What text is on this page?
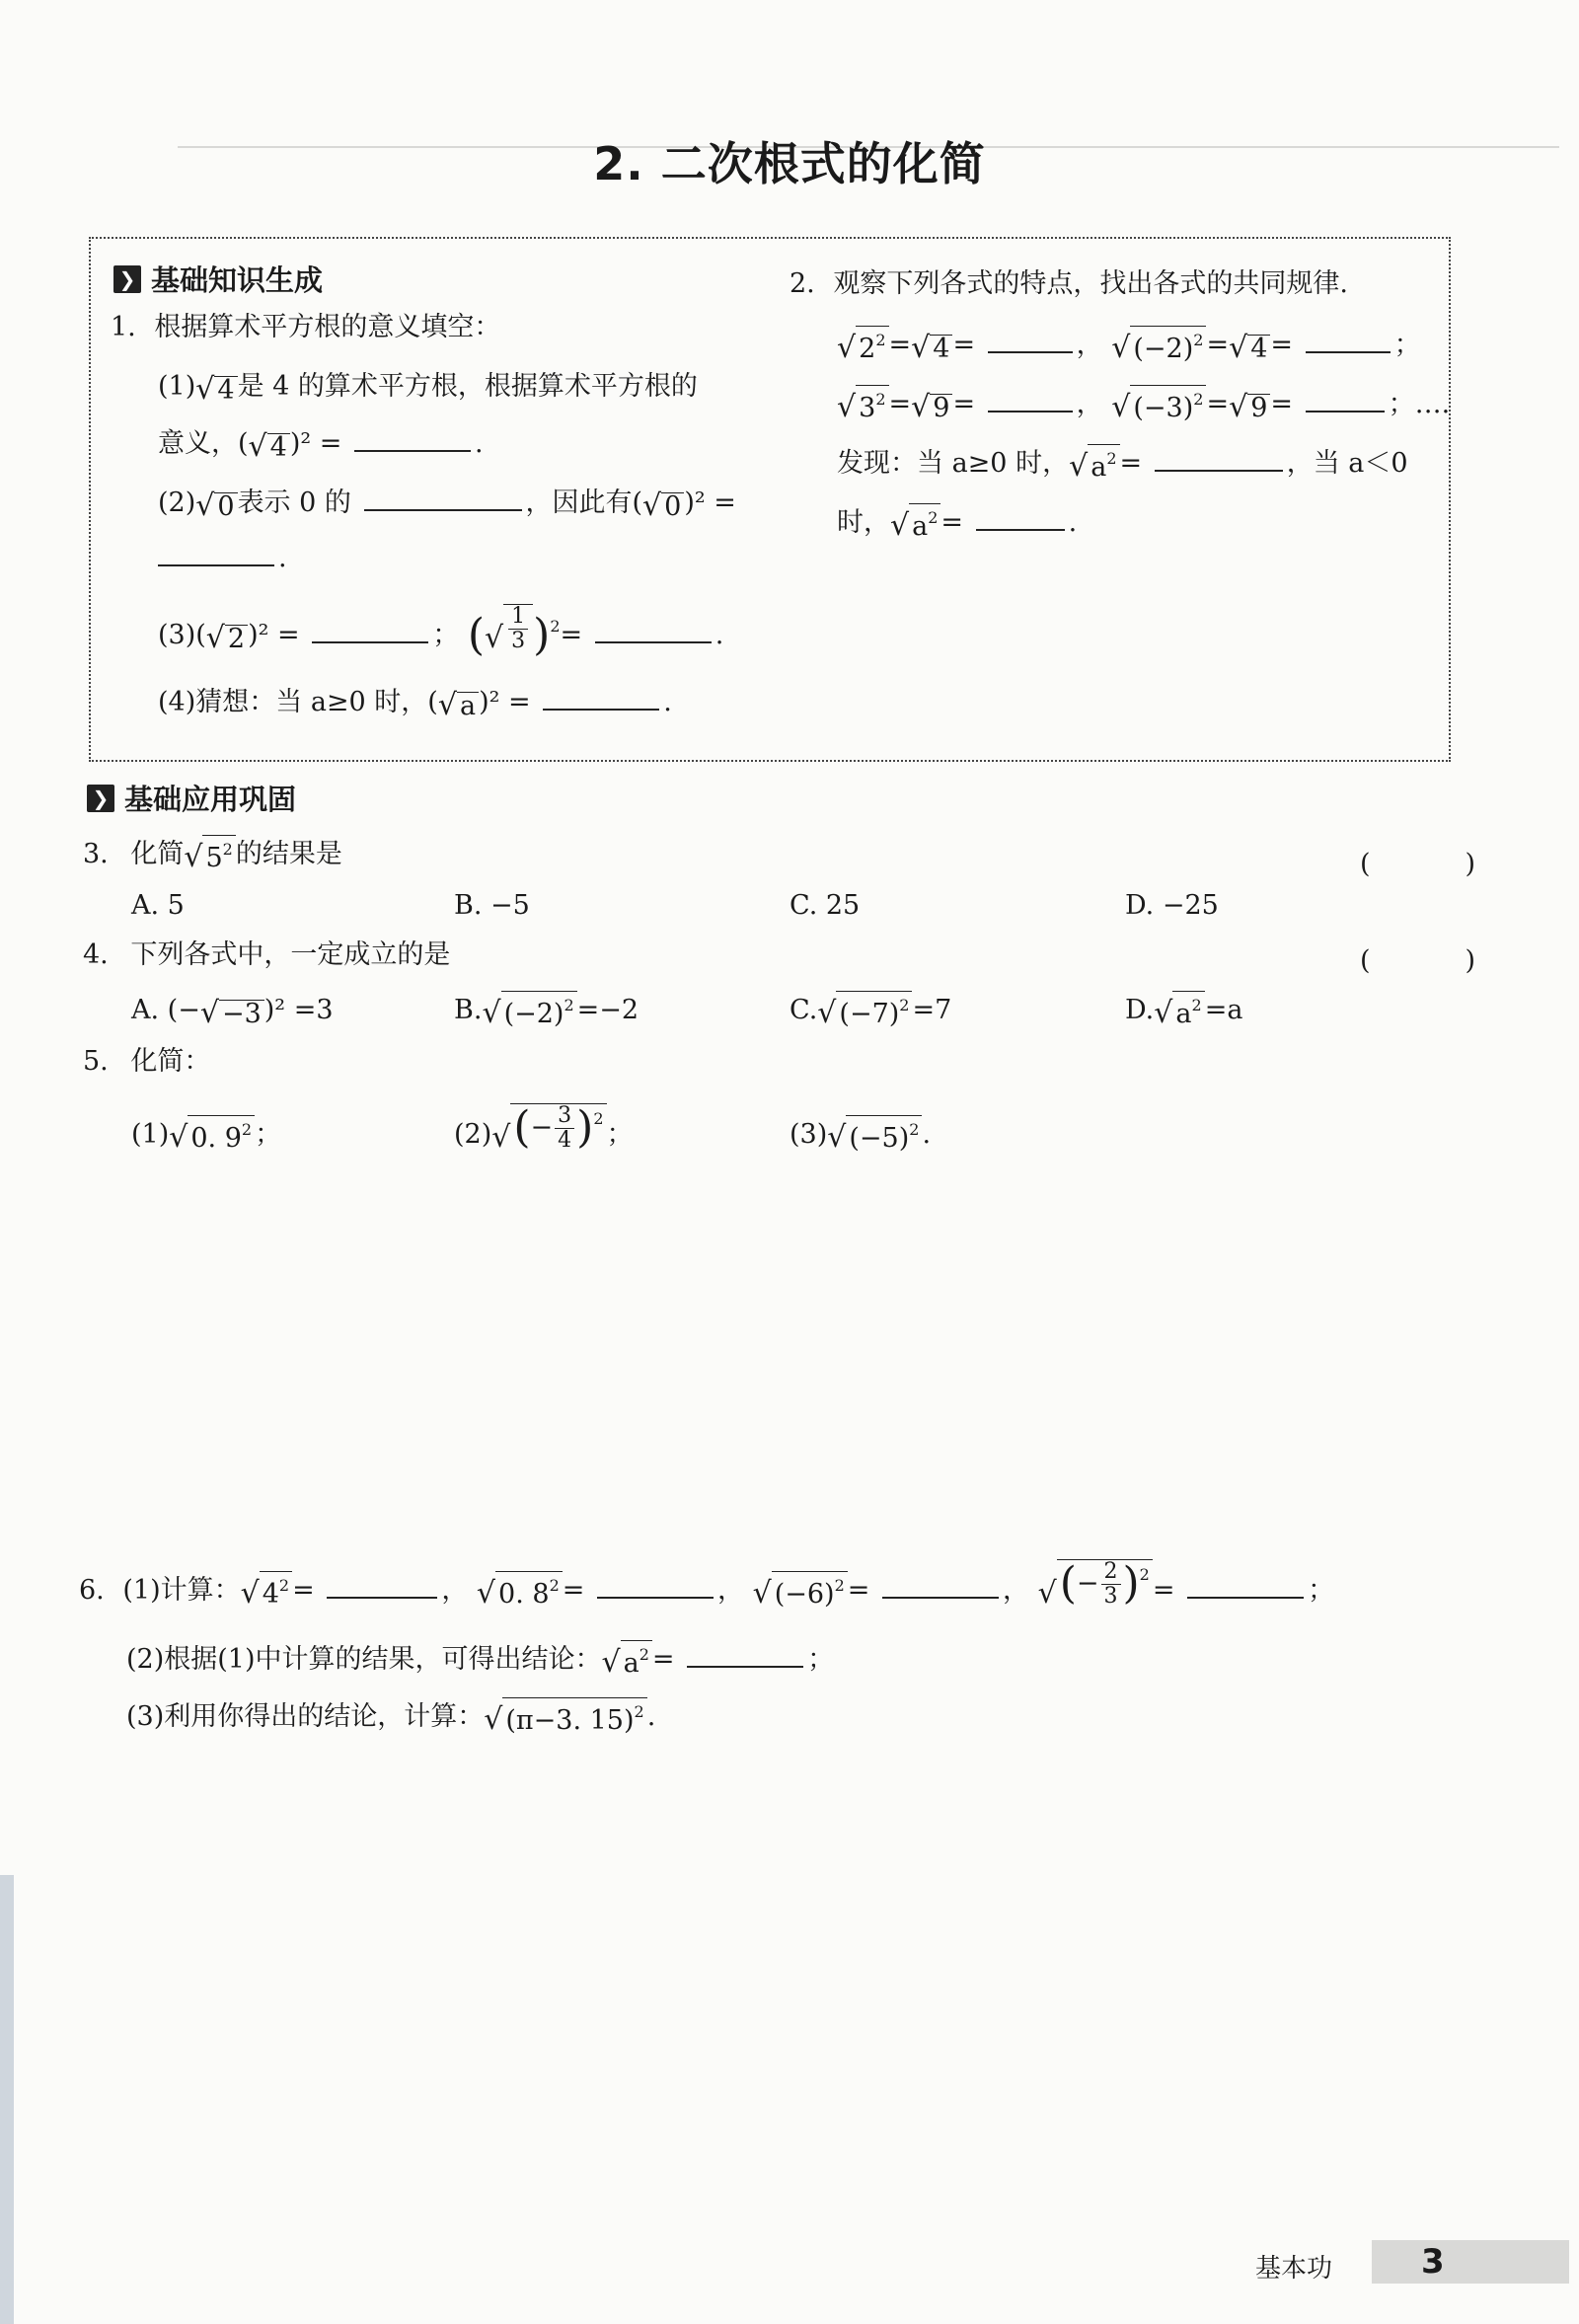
2. 二次根式的化简
❯ 基础知识生成
1. 根据算术平方根的意义填空：
(1) √ 4 是 4 的算术平方根，根据算术平方根的
意义，( √ 4 )² =	.
(2) √ 0 表示 0 的	，因此有( √ 0 )² =
.
(3)( √ 2 )² =	； ( √ $\frac{1}{3} )^2=$	.
(4)猜想：当 a≥0 时，( √ a )² =	.
2. 观察下列各式的特点，找出各式的共同规律.
√ $2^2$ = √ 4 =	， √ $(-2)^2$ = √ 4 =	；
√ $3^2$ = √ 9 =	， √ $(-3)^2$ = √ 9 =	；….
发现：当 a≥0 时， √ $a^2$ =	，当 a＜0
时， √ $a^2$ =	.
❯ 基础应用巩固
3. 化简 √ $5^2$ 的结果是	(　　)
A. 5	B. −5	C. 25	D. −25
4. 下列各式中，一定成立的是	(　　)
A. (− √ −3 )² =3	B. √ $(-2)^2 =-2$	C. √ $(-7)^2 =7$	D. √ $a^2 =a$
5. 化简：
(1) √ 0. $9^2$ ；	(2) √ (− $\frac{3}{4} )^2$
；	(3) √ $(-5)^2$ .
6. (1)计算： √ $4^2$ =	， √ 0. $8^2$ =	， √ $(-6)^2$ =	， √ (− $\frac{2}{3} )^2$
=	；
(2)根据(1)中计算的结果，可得出结论： √ $a^2$ =	；
(3)利用你得出的结论，计算： √ (π−3. 15)$^2$ .
基本功	3
